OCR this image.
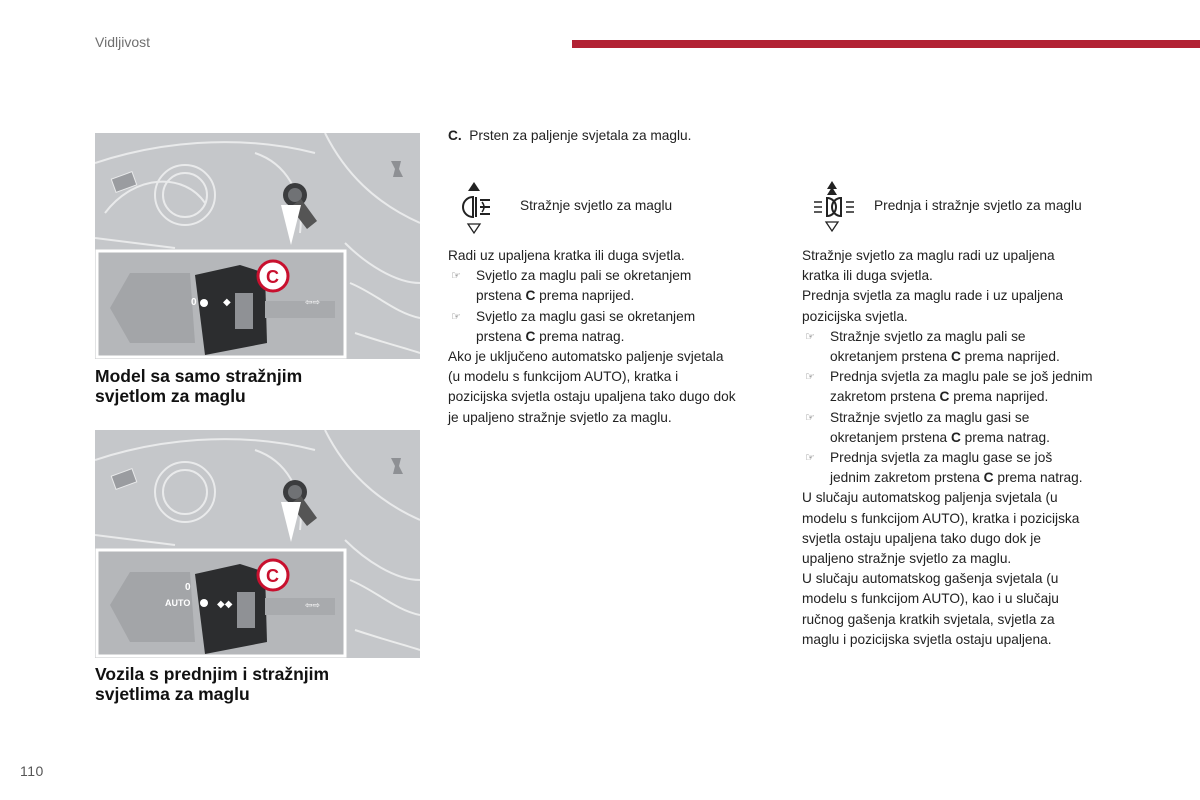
Vidljivost
0	◆	⇦⇨
C
Model sa samo stražnjim
svjetlom za maglu
0
AUTO	◆◆	⇦⇨
C
Vozila s prednjim i stražnjim
svjetlima za maglu
C. Prsten za paljenje svjetala za maglu.
Stražnje svjetlo za maglu	Prednja i stražnje svjetlo za maglu

Radi uz upaljena kratka ili duga svjetla.

☞ Svjetlo za maglu pali se okretanjem
prstena C prema naprijed.
☞ Svjetlo za maglu gasi se okretanjem
prstena C prema natrag.

Ako je uključeno automatsko paljenje svjetala

(u modelu s funkcijom AUTO), kratka i

pozicijska svjetla ostaju upaljena tako dugo dok

je upaljeno stražnje svjetlo za maglu.

Stražnje svjetlo za maglu radi uz upaljena

kratka ili duga svjetla.

Prednja svjetla za maglu rade i uz upaljena

pozicijska svjetla.

☞ Stražnje svjetlo za maglu pali se
okretanjem prstena C prema naprijed.
☞ Prednja svjetla za maglu pale se još jednim
zakretom prstena C prema naprijed.
☞ Stražnje svjetlo za maglu gasi se
okretanjem prstena C prema natrag.
☞ Prednja svjetla za maglu gase se još
jednim zakretom prstena C prema natrag.

U slučaju automatskog paljenja svjetala (u

modelu s funkcijom AUTO), kratka i pozicijska

svjetla ostaju upaljena tako dugo dok je

upaljeno stražnje svjetlo za maglu.

U slučaju automatskog gašenja svjetala (u

modelu s funkcijom AUTO), kao i u slučaju

ručnog gašenja kratkih svjetala, svjetla za

maglu i pozicijska svjetla ostaju upaljena.

110
